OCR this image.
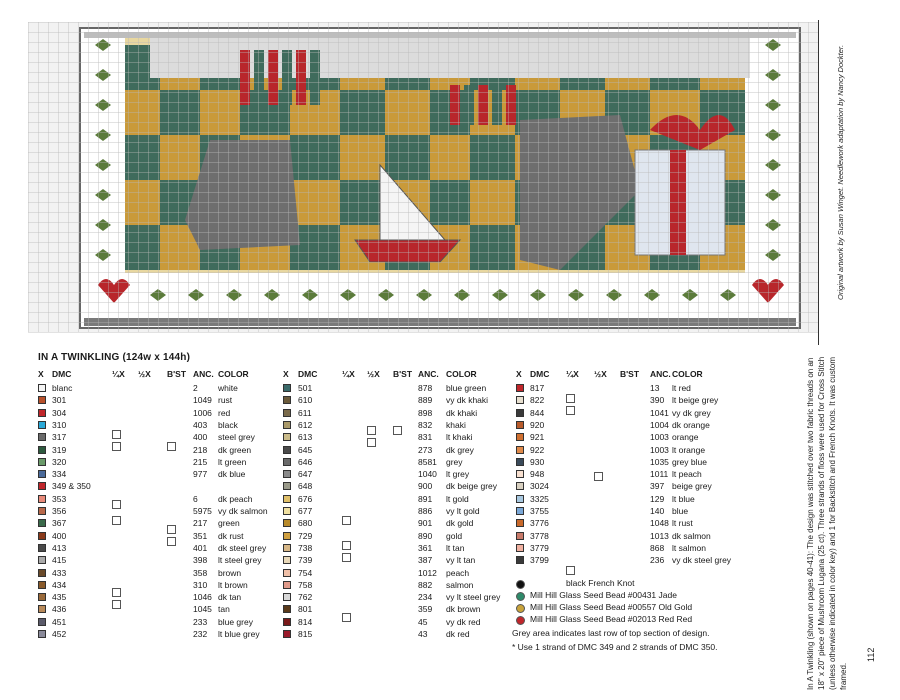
Original artwork by Susan Winget. Needlework adaptation by Nancy Dockter.
IN A TWINKLING (124w x 144h)
X DMC	¼X ½X B'ST ANC. COLOR
blanc	2 white
301	1049 rust
304	1006 red
310	403 black
317	400 steel grey
319	218 dk green
320	215 lt green
334	977 dk blue
349 & 350
353	6 dk peach
356	5975 vy dk salmon
367	217 green
400	351 dk rust
413	401 dk steel grey
415	398 lt steel grey
433	358 brown
434	310 lt brown
435	1046 dk tan
436	1045 tan
451	233 blue grey
452	232 lt blue grey
X DMC	¼X ½X B'ST ANC. COLOR
501	878 blue green
610	889 vy dk khaki
611	898 dk khaki
612	832 khaki
613	831 lt khaki
645	273 dk grey
646	8581 grey
647	1040 lt grey
648	900 dk beige grey
676	891 lt gold
677	886 vy lt gold
680	901 dk gold
729	890 gold
738	361 lt tan
739	387 vy lt tan
754	1012 peach
758	882 salmon
762	234 vy lt steel grey
801	359 dk brown
814	45 vy dk red
815	43 dk red
X DMC ¼X ½X B'ST ANC. COLOR
817	13 lt red
822	390 lt beige grey
844	1041 vy dk grey
920	1004 dk orange
921	1003 orange
922	1003 lt orange
930	1035 grey blue
948	1011 lt peach
3024	397 beige grey
3325	129 lt blue
3755	140 blue
3776	1048 lt rust
3778	1013 dk salmon
3779	868 lt salmon
3799	236 vy dk steel grey
black French Knot
Mill Hill Glass Seed Bead #00431 Jade
Mill Hill Glass Seed Bead #00557 Old Gold
Mill Hill Glass Seed Bead #02013 Red Red
Grey area indicates last row of top section of design.
* Use 1 strand of DMC 349 and 2 strands of DMC 350.	In A Twinkling (shown on pages 40-41): The design was stitched over two fabric threads on an 18" x 20" piece of Mushroom Lugana (25 ct). Three strands of floss were used for Cross Stitch (unless otherwise indicated in color key) and 1 for Backstitch and French Knots. It was custom framed.
112
